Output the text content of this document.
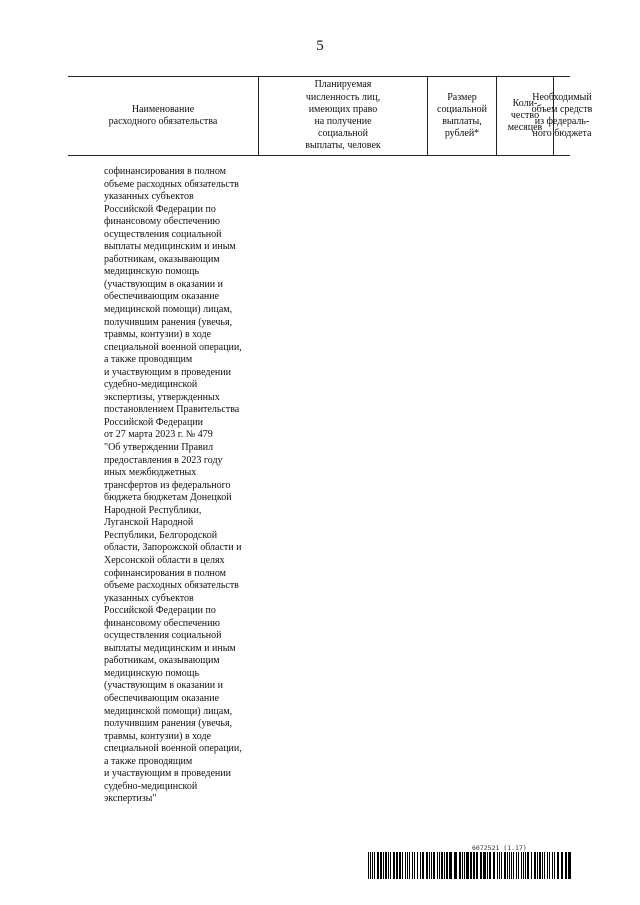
5
Наименование
расходного обязательства
Планируемая
численность лиц,
имеющих право
на получение
социальной
выплаты, человек
Размер
социальной
выплаты,
рублей*
Коли-
чество
месяцев
Необходимый
объем средств
из федераль-
ного бюджета
софинансирования в полном
объеме расходных обязательств
указанных субъектов
Российской Федерации по
финансовому обеспечению
осуществления социальной
выплаты медицинским и иным
работникам, оказывающим
медицинскую помощь
(участвующим в оказании и
обеспечивающим оказание
медицинской помощи) лицам,
получившим ранения (увечья,
травмы, контузии) в ходе
специальной военной операции,
а также проводящим
и участвующим в проведении
судебно-медицинской
экспертизы, утвержденных
постановлением Правительства
Российской Федерации
от 27 марта 2023 г. № 479
"Об утверждении Правил
предоставления в 2023 году
иных межбюджетных
трансфертов из федерального
бюджета бюджетам Донецкой
Народной Республики,
Луганской Народной
Республики, Белгородской
области, Запорожской области и
Херсонской области в целях
софинансирования в полном
объеме расходных обязательств
указанных субъектов
Российской Федерации по
финансовому обеспечению
осуществления социальной
выплаты медицинским и иным
работникам, оказывающим
медицинскую помощь
(участвующим в оказании и
обеспечивающим оказание
медицинской помощи) лицам,
получившим ранения (увечья,
травмы, контузии) в ходе
специальной военной операции,
а также проводящим
и участвующим в проведении
судебно-медицинской
экспертизы"
6072521 (1.17)
